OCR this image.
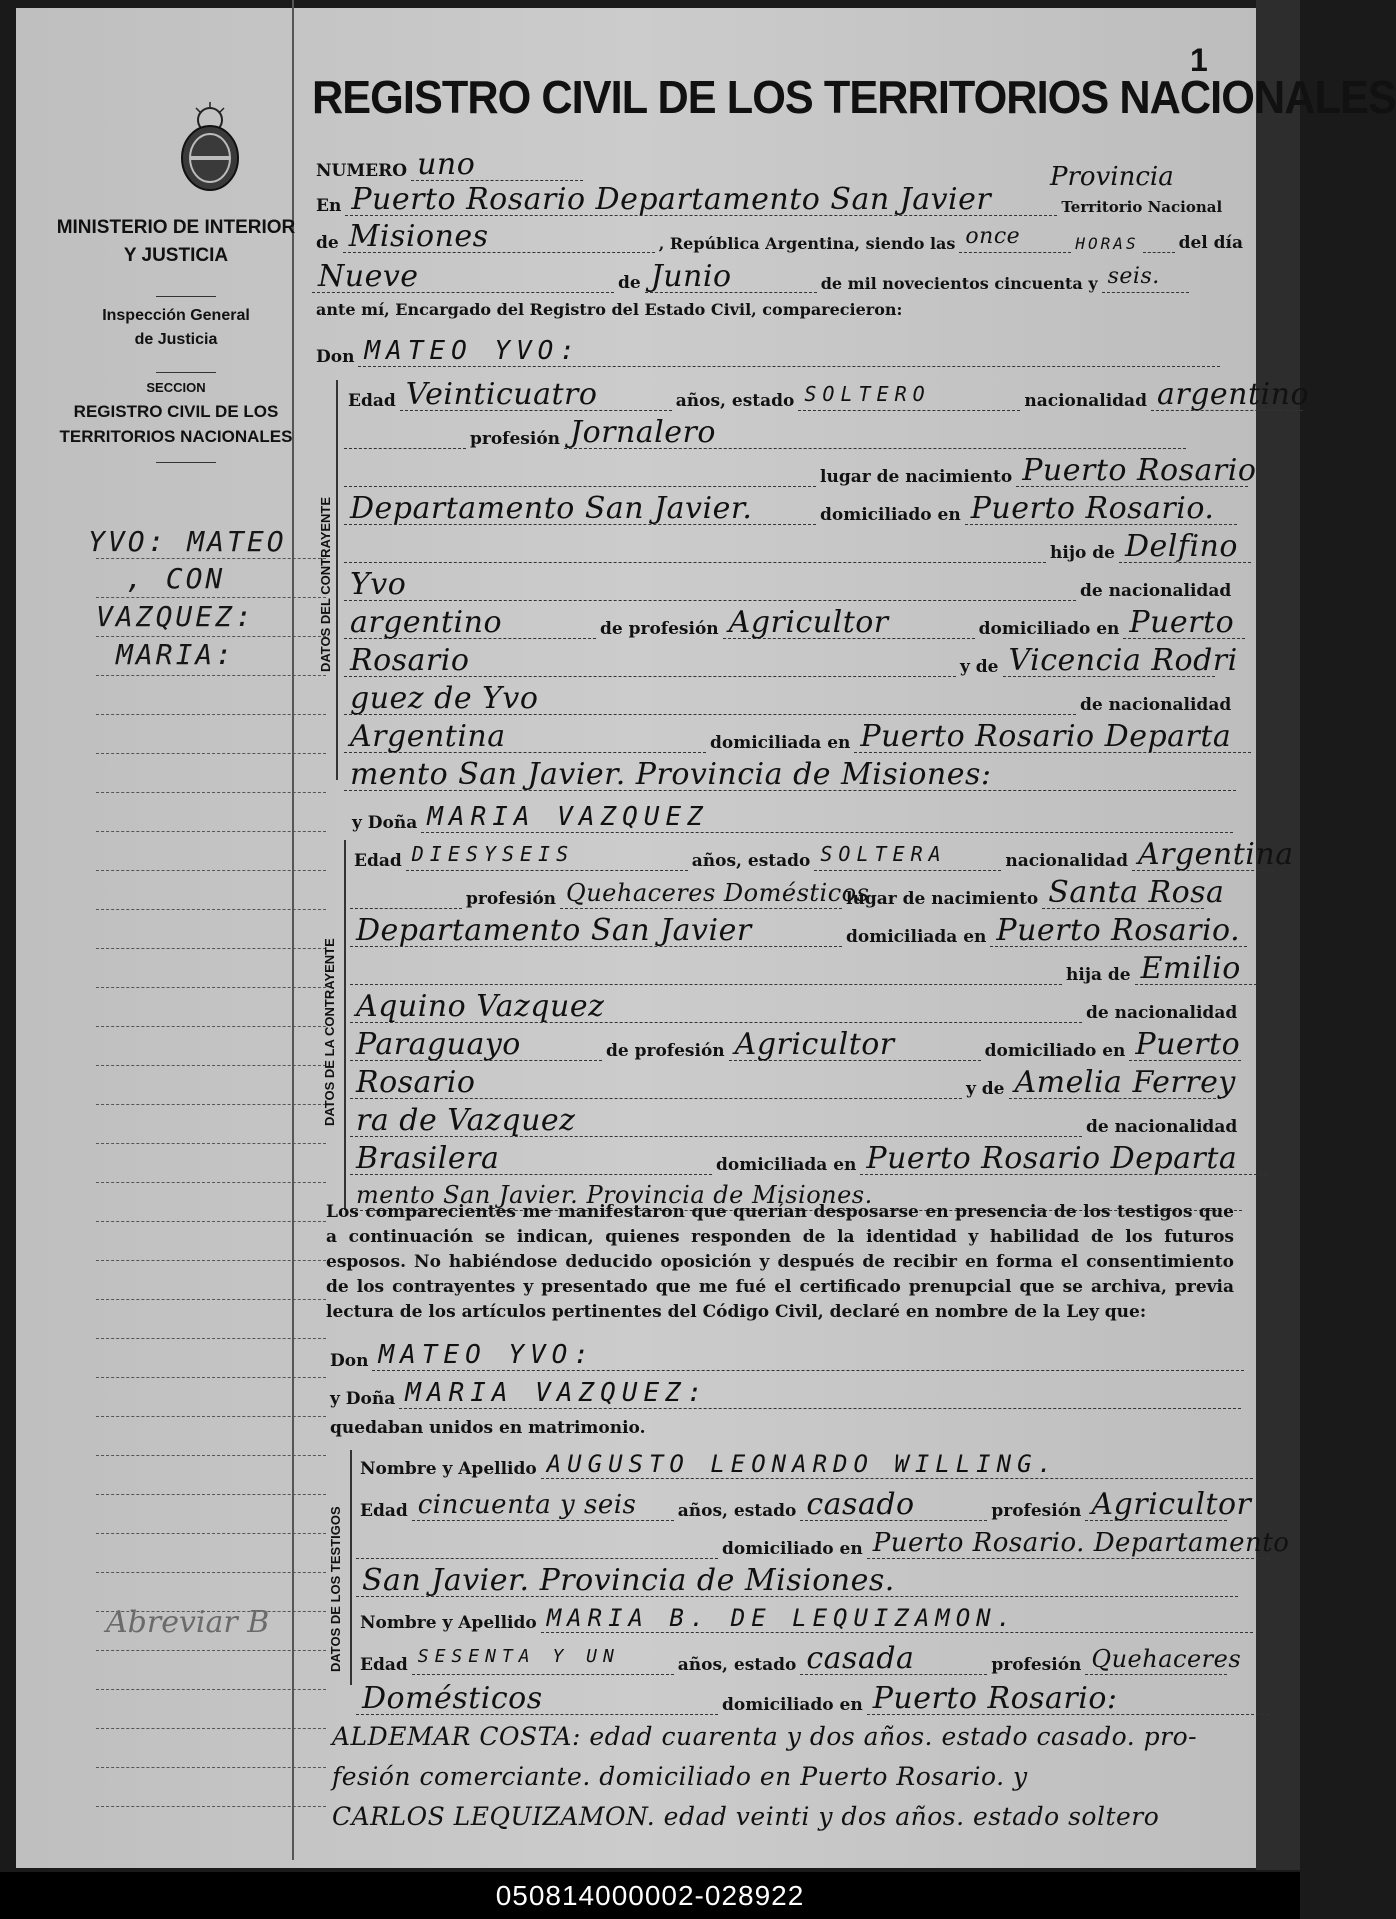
1
MINISTERIO DE INTERIOR
Y JUSTICIA
Inspección General
de Justicia
SECCION
REGISTRO CIVIL DE LOS
TERRITORIOS NACIONALES
YVO: MATEO
, CON
VAZQUEZ:
MARIA:
Abreviar B
REGISTRO CIVIL DE LOS TERRITORIOS NACIONALES
NUMERO uno	Provincia
En Puerto Rosario Departamento San Javier	Territorio Nacional
de Misiones	, República Argentina, siendo las once	HORAS del día
Nueve	de Junio	de mil novecientos cincuenta y seis.
ante mí, Encargado del Registro del Estado Civil, comparecieron:
Don MATEO YVO:
DATOS DEL CONTRAYENTE
Edad Veinticuatro	años, estado SOLTERO	nacionalidad argentino
profesión Jornalero
lugar de nacimiento Puerto Rosario
Departamento San Javier.	domiciliado en Puerto Rosario.
hijo de Delfino
Yvo	de nacionalidad
argentino	de profesión Agricultor	domiciliado en Puerto
Rosario	y de Vicencia Rodri
guez de Yvo	de nacionalidad
Argentina	domiciliada en Puerto Rosario Departa
mento San Javier. Provincia de Misiones:
y Doña MARIA VAZQUEZ
DATOS DE LA CONTRAYENTE
Edad DIESYSEIS	años, estado SOLTERA	nacionalidad Argentina
profesión Quehaceres Domésticos
lugar de nacimiento Santa Rosa
Departamento San Javier	domiciliada en Puerto Rosario.
hija de Emilio
Aquino Vazquez	de nacionalidad
Paraguayo	de profesión Agricultor	domiciliado en Puerto
Rosario	y de Amelia Ferrey
ra de Vazquez	de nacionalidad
Brasilera	domiciliada en Puerto Rosario Departa
mento San Javier. Provincia de Misiones.
Los comparecientes me manifestaron que querían desposarse en presencia de los testigos que a continuación se indican, quienes responden de la identidad y habilidad de los futuros esposos. No habiéndose deducido oposición y después de recibir en forma el consentimiento de los contrayentes y presentado que me fué el certificado prenupcial que se archiva, previa lectura de los artículos pertinentes del Código Civil, declaré en nombre de la Ley que:
Don MATEO YVO:
y Doña MARIA VAZQUEZ:
quedaban unidos en matrimonio.
DATOS DE LOS TESTIGOS
Nombre y Apellido AUGUSTO LEONARDO WILLING.
Edad cincuenta y seis	años, estado casado	profesión Agricultor
domiciliado en Puerto Rosario. Departamento
San Javier. Provincia de Misiones.
Nombre y Apellido MARIA B. DE LEQUIZAMON.
Edad SESENTA Y UN	años, estado casada	profesión Quehaceres
Domésticos	domiciliado en Puerto Rosario:
ALDEMAR COSTA: edad cuarenta y dos años. estado casado. pro-
fesión comerciante. domiciliado en Puerto Rosario. y
CARLOS LEQUIZAMON. edad veinti y dos años. estado soltero
050814000002-028922
